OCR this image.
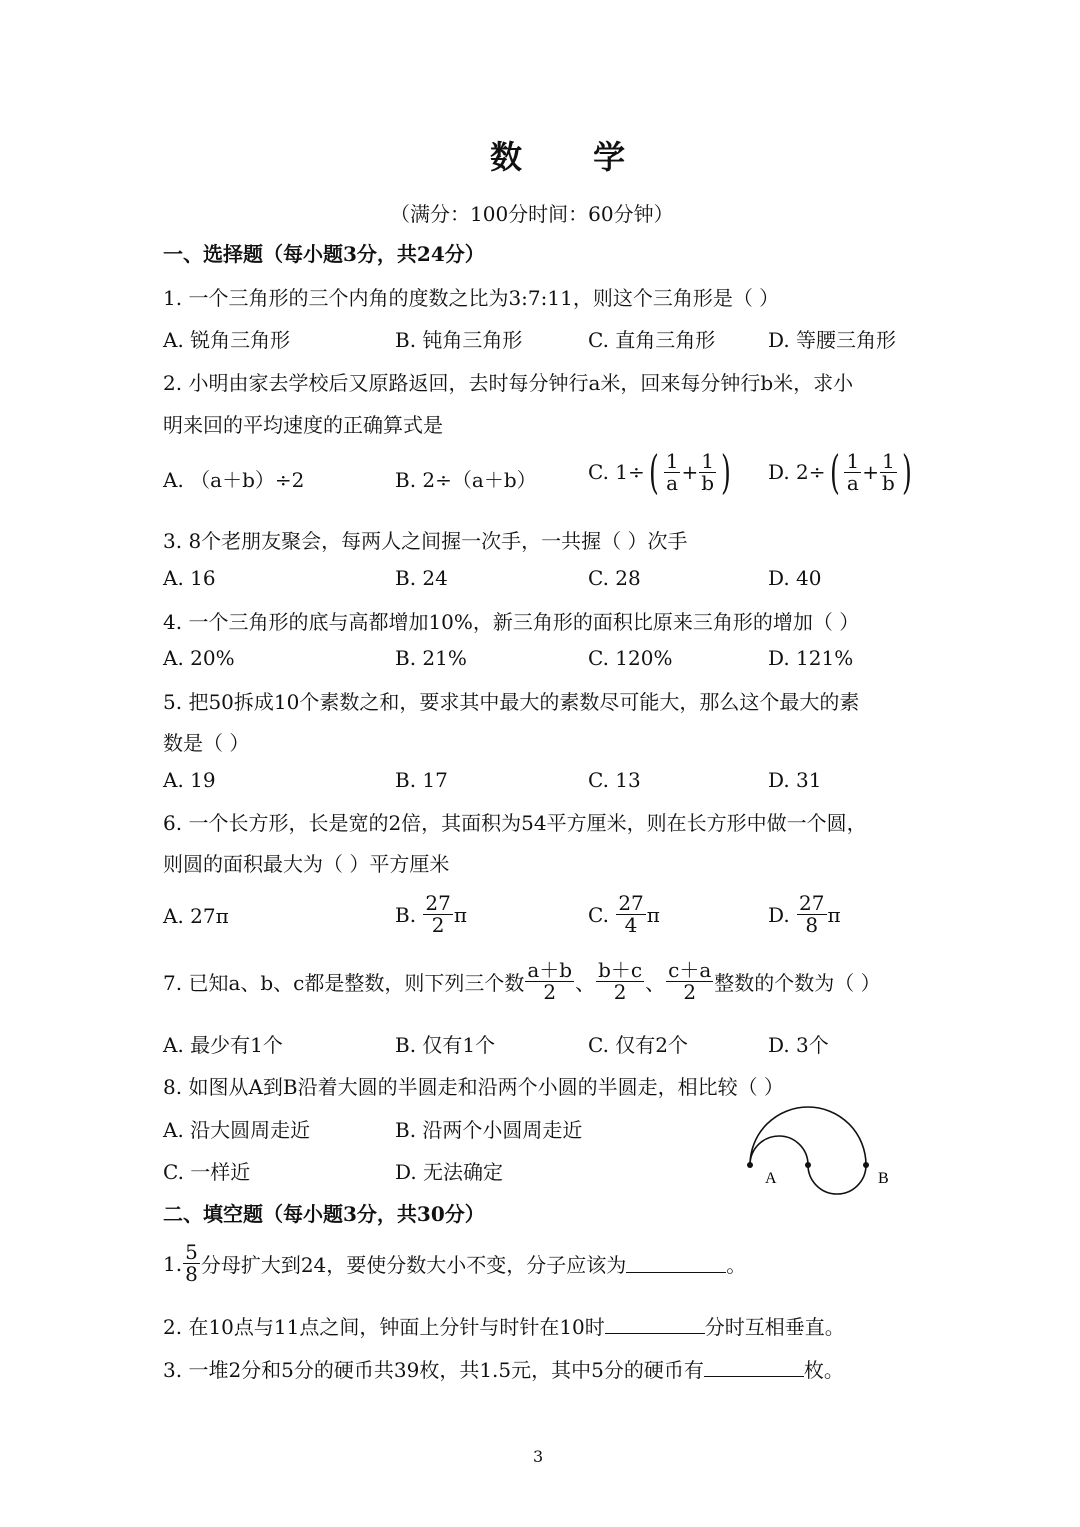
数 学
（满分：100分时间：60分钟）
一、选择题（每小题3分，共24分）
1. 一个三角形的三个内角的度数之比为3:7:11，则这个三角形是（ ）
A. 锐角三角形	B. 钝角三角形	C. 直角三角形	D. 等腰三角形
2. 小明由家去学校后又原路返回，去时每分钟行a米，回来每分钟行b米，求小
明来回的平均速度的正确算式是
A. （a＋b）÷2	B. 2÷（a＋b）	C. 1÷ ( $\frac{1}{a} + \frac{1}{b}$ ) D. 2÷ ( $\frac{1}{a} + \frac{1}{b}$ )
3. 8个老朋友聚会，每两人之间握一次手，一共握（ ）次手
A. 16	B. 24	C. 28	D. 40
4. 一个三角形的底与高都增加10%，新三角形的面积比原来三角形的增加（ ）
A. 20%	B. 21%	C. 120%	D. 121%
5. 把50拆成10个素数之和，要求其中最大的素数尽可能大，那么这个最大的素
数是（ ）
A. 19	B. 17	C. 13	D. 31
6. 一个长方形，长是宽的2倍，其面积为54平方厘米，则在长方形中做一个圆，
则圆的面积最大为（ ）平方厘米
A. 27π	B.
$\frac{27}{2}$ π	C.
$\frac{27}{4}$ π	D.
$\frac{27}{8}$ π
7. 已知a、b、c都是整数，则下列三个数 $\frac{a+b}{2}$ 、 $\frac{b+c}{2}$ 、 $\frac{c+a}{2}$ 整数的个数为（ ）
A. 最少有1个	B. 仅有1个	C. 仅有2个	D. 3个
8. 如图从A到B沿着大圆的半圆走和沿两个小圆的半圆走，相比较（ ）
A. 沿大圆周走近	B. 沿两个小圆周走近
C. 一样近	D. 无法确定	A	B
二、填空题（每小题3分，共30分）
1. $\frac{5}{8}$ 分母扩大到24，要使分数大小不变，分子应该为	。
2. 在10点与11点之间，钟面上分针与时针在10时	分时互相垂直。
3. 一堆2分和5分的硬币共39枚，共1.5元，其中5分的硬币有	枚。
3
